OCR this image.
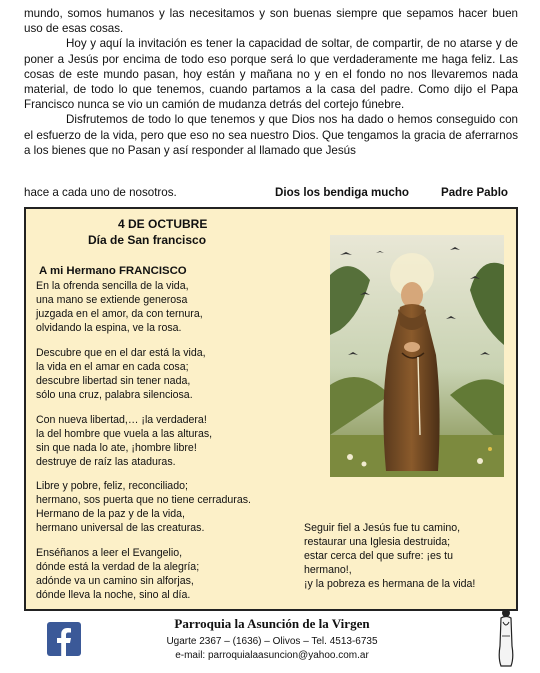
mundo, somos humanos y las necesitamos y son buenas siempre que sepamos hacer buen uso de esas cosas.

Hoy y aquí la invitación es tener la capacidad de soltar, de compartir, de no atarse y de poner a Jesús por encima de todo eso porque será lo que verdaderamente me haga feliz. Las cosas de este mundo pasan, hoy están y mañana no y en el fondo no nos llevaremos nada material, de todo lo que tenemos, cuando partamos a la casa del padre. Como dijo el Papa Francisco nunca se vio un camión de mudanza detrás del cortejo fúnebre.

Disfrutemos de todo lo que tenemos y que Dios nos ha dado o hemos conseguido con el esfuerzo de la vida, pero que eso no sea nuestro Dios. Que tengamos la gracia de aferrarnos a los bienes que no Pasan y así responder al llamado que Jesús

hace a cada uno de nosotros.	Dios los bendiga mucho	Padre Pablo
4 DE OCTUBRE
Día de San francisco
A mi Hermano FRANCISCO
En la ofrenda sencilla de la vida,
una mano se extiende generosa
juzgada en el amor, da con ternura,
olvidando la espina, ve la rosa.
Descubre que en el dar está la vida,
la vida en el amar en cada cosa;
descubre libertad sin tener nada,
sólo una cruz, palabra silenciosa.
Con nueva libertad,… ¡la verdadera!
la del hombre que vuela a las alturas,
sin que nada lo ate, ¡hombre libre!
destruye de raíz las ataduras.
Libre y pobre, feliz, reconciliado;
hermano, sos puerta que no tiene cerraduras.
Hermano de la paz y de la vida,
hermano universal de las creaturas.
Enséñanos a leer el Evangelio,
dónde está la verdad de la alegría;
adónde va un camino sin alforjas,
dónde lleva la noche, sino al día.
Seguir fiel a Jesús fue tu camino,
restaurar una Iglesia destruida;
estar cerca del que sufre: ¡es tu
hermano!,
¡y la pobreza es hermana de la vida!
Parroquia la Asunción de la Virgen
Ugarte 2367 – (1636) – Olivos – Tel. 4513-6735
e-mail: parroquialaasuncion@yahoo.com.ar
